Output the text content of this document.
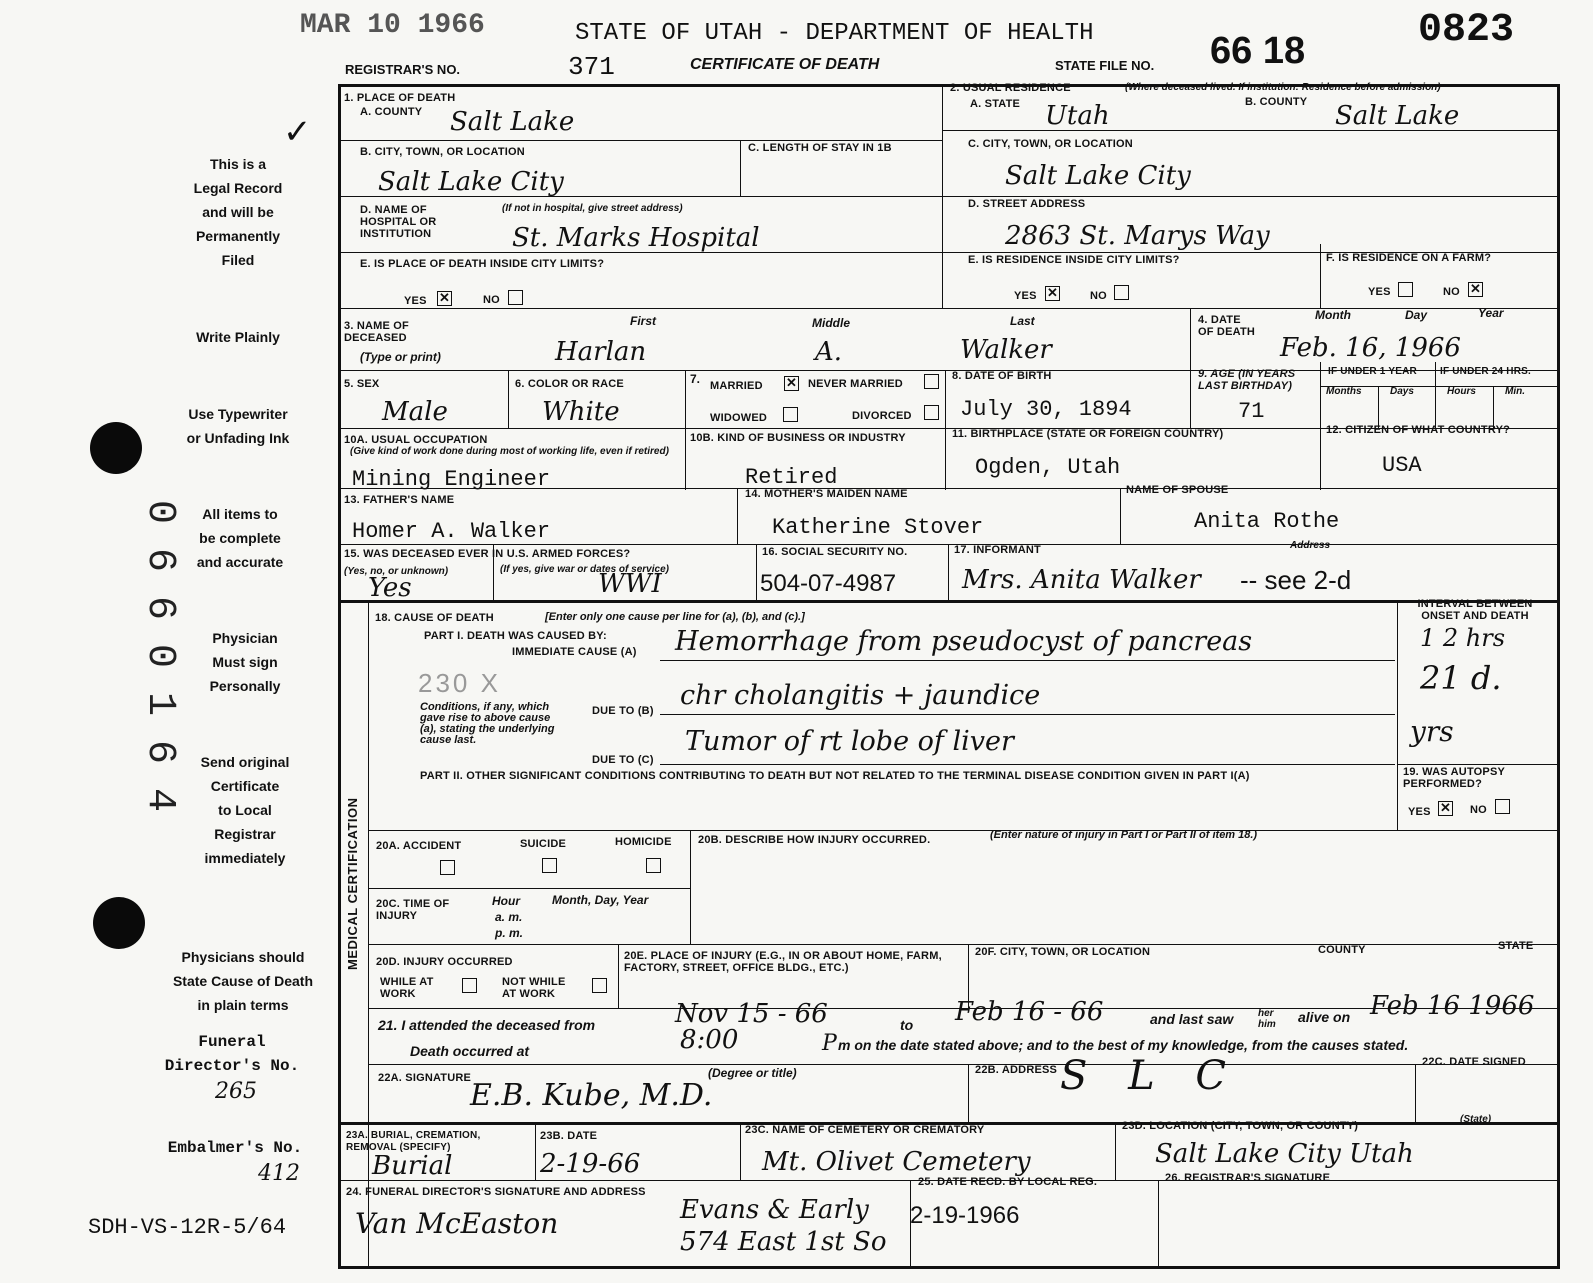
MAR 10 1966	STATE OF UTAH - DEPARTMENT OF HEALTH	0823
REGISTRAR'S NO.	371	CERTIFICATE OF DEATH	STATE FILE NO. 66 18
This is a
Legal Record
and will be
Permanently
Filed
Write Plainly
Use Typewriter
or Unfading Ink
All items to
be complete
and accurate
Physician
Must sign
Personally
Send original
Certificate
to Local
Registrar
immediately
Physicians should
State Cause of Death
in plain terms
Funeral
Director's No.
265
Embalmer's No.
412
SDH-VS-12R-5/64
0 6 6 0 1 6 4
✓
1. PLACE OF DEATH
A. COUNTY Salt Lake
2. USUAL RESIDENCE	(Where deceased lived. If institution: Residence before admission)
A. STATE Utah	B. COUNTY Salt Lake
B. CITY, TOWN, OR LOCATION
Salt Lake City
C. LENGTH OF STAY IN 1B	C. CITY, TOWN, OR LOCATION
Salt Lake City
D. NAME OF HOSPITAL OR INSTITUTION
(If not in hospital, give street address)
St. Marks Hospital
D. STREET ADDRESS
2863 St. Marys Way
E. IS PLACE OF DEATH INSIDE CITY LIMITS?
YES ✕	NO
E. IS RESIDENCE INSIDE CITY LIMITS?
YES ✕	NO
F. IS RESIDENCE ON A FARM?
YES	NO ✕
3. NAME OF DECEASED
(Type or print)
First	Middle	Last
Harlan	A.	Walker
4. DATE OF DEATH
Month	Day	Year
Feb. 16, 1966
5. SEX
Male
6. COLOR OR RACE
White
7. MARRIED ✕ NEVER MARRIED
WIDOWED	DIVORCED
8. DATE OF BIRTH
July 30, 1894
9. AGE (IN YEARS LAST BIRTHDAY)
71
IF UNDER 1 YEAR IF UNDER 24 HRS.
Months	Days	Hours	Min.
10A. USUAL OCCUPATION
(Give kind of work done during most of working life, even if retired)
Mining Engineer
10B. KIND OF BUSINESS OR INDUSTRY
Retired
11. BIRTHPLACE (STATE OR FOREIGN COUNTRY)
Ogden, Utah
12. CITIZEN OF WHAT COUNTRY?
USA
13. FATHER'S NAME
Homer A. Walker
14. MOTHER'S MAIDEN NAME
Katherine Stover
NAME OF SPOUSE
Anita Rothe
15. WAS DECEASED EVER IN U.S. ARMED FORCES?
(Yes, no, or unknown)	(If yes, give war or dates of service)
Yes	WWI
16. SOCIAL SECURITY NO.
504-07-4987
17. INFORMANT	Address
Mrs. Anita Walker -- see 2-d
MEDICAL CERTIFICATION
18. CAUSE OF DEATH	[Enter only one cause per line for (a), (b), and (c).]
PART I. DEATH WAS CAUSED BY:
IMMEDIATE CAUSE (A) Hemorrhage from pseudocyst of pancreas
230 X
Conditions, if any, which gave rise to above cause (a), stating the underlying cause last.
DUE TO (B) chr cholangitis + jaundice
DUE TO (C)
Tumor of rt lobe of liver
INTERVAL BETWEEN ONSET AND DEATH
1 2 hrs
21 d.
yrs
PART II. OTHER SIGNIFICANT CONDITIONS CONTRIBUTING TO DEATH BUT NOT RELATED TO THE TERMINAL DISEASE CONDITION GIVEN IN PART I(A)	19. WAS AUTOPSY PERFORMED?
YES ✕ NO
20A. ACCIDENT	SUICIDE	HOMICIDE 20B. DESCRIBE HOW INJURY OCCURRED.	(Enter nature of injury in Part I or Part II of item 18.)
20C. TIME OF INJURY
Hour
a. m.
p. m.
Month, Day, Year
20D. INJURY OCCURRED
WHILE AT WORK
NOT WHILE AT WORK
20E. PLACE OF INJURY (E.G., IN OR ABOUT HOME, FARM, FACTORY, STREET, OFFICE BLDG., ETC.)
20F. CITY, TOWN, OR LOCATION	COUNTY	STATE
21. I attended the deceased from	Nov 15 - 66	to Feb 16 - 66	and last saw her him	alive on Feb 16 1966
Death occurred at	8:00	P m on the date stated above; and to the best of my knowledge, from the causes stated.
22A. SIGNATURE	(Degree or title)
E.B. Kube, M.D.
22B. ADDRESS S L C	22C. DATE SIGNED
23A. BURIAL, CREMATION, REMOVAL (SPECIFY)
Burial
23B. DATE
2-19-66
23C. NAME OF CEMETERY OR CREMATORY
Mt. Olivet Cemetery
23D. LOCATION (CITY, TOWN, OR COUNTY)
(State)
Salt Lake City Utah
24. FUNERAL DIRECTOR'S SIGNATURE AND ADDRESS
Van McEaston	Evans & Early
574 East 1st So
25. DATE RECD. BY LOCAL REG.
2-19-1966
26. REGISTRAR'S SIGNATURE
